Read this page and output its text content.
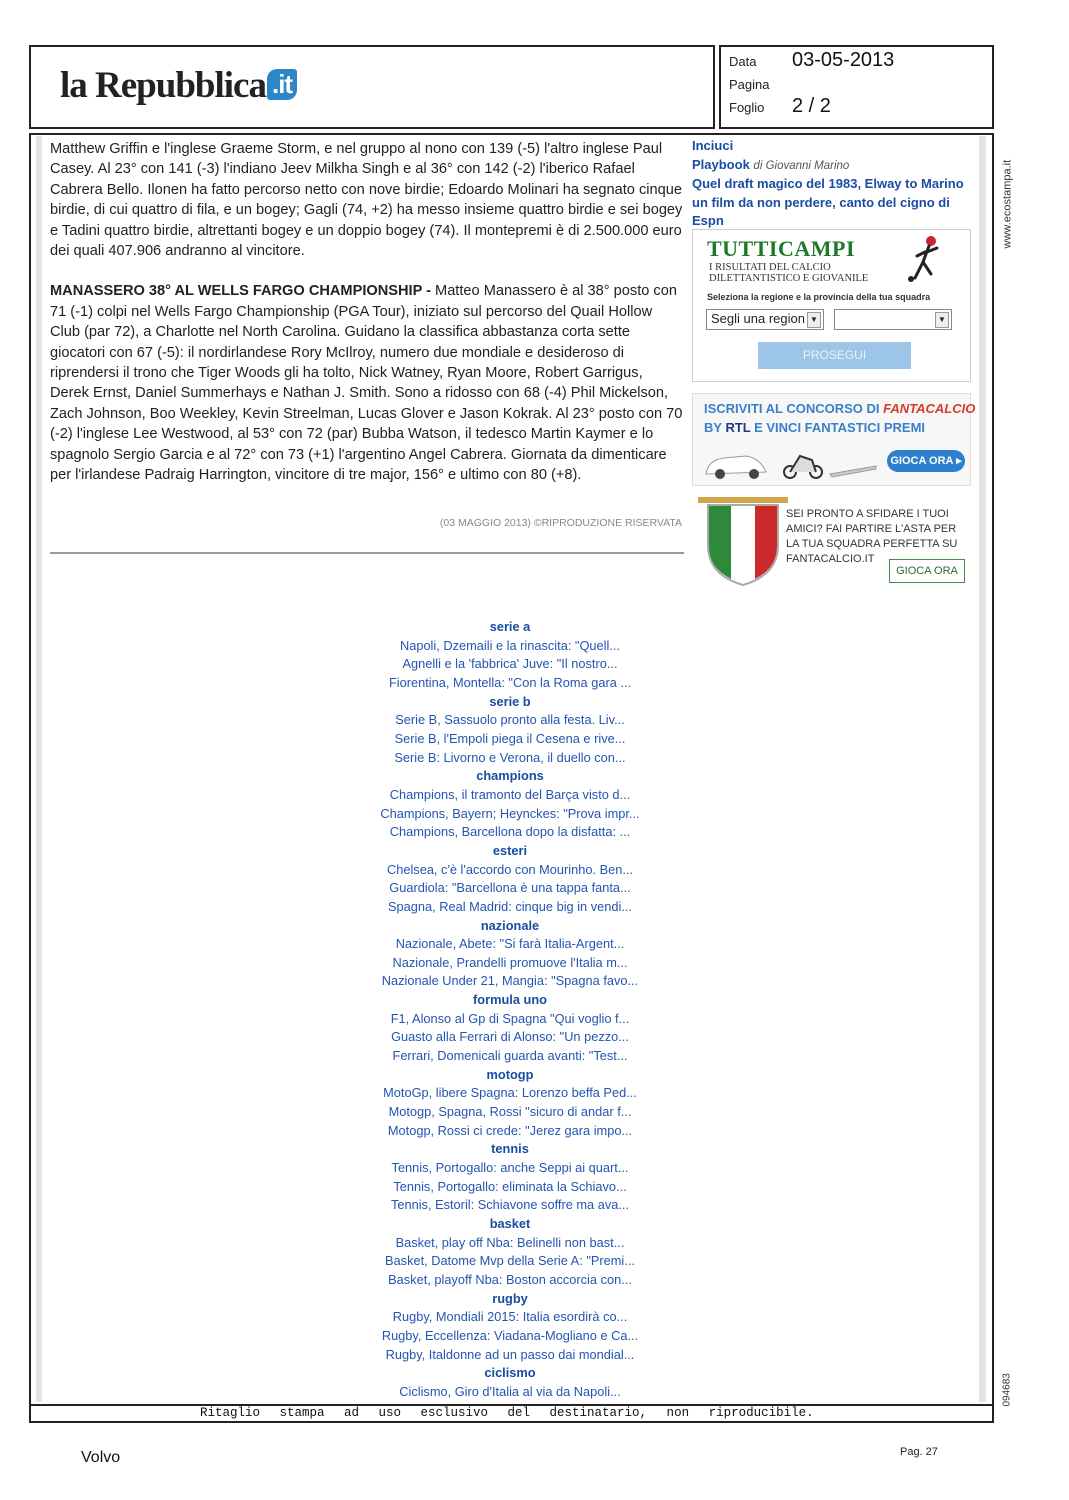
la Repubblica .it
Data 03-05-2013
Pagina
Foglio 2 / 2

Matthew Griffin e l'inglese Graeme Storm, e nel gruppo al nono con 139 (-5) l'altro inglese Paul Casey. Al 23° con 141 (-3) l'indiano Jeev Milkha Singh e al 36° con 142 (-2) l'iberico Rafael Cabrera Bello. Ilonen ha fatto percorso netto con nove birdie; Edoardo Molinari ha segnato cinque birdie, di cui quattro di fila, e un bogey; Gagli (74, +2) ha messo insieme quattro birdie e sei bogey e Tadini quattro birdie, altrettanti bogey e un doppio bogey (74). Il montepremi è di 2.500.000 euro dei quali 407.906 andranno al vincitore.

MANASSERO 38° AL WELLS FARGO CHAMPIONSHIP - Matteo Manassero è al 38° posto con 71 (-1) colpi nel Wells Fargo Championship (PGA Tour), iniziato sul percorso del Quail Hollow Club (par 72), a Charlotte nel North Carolina. Guidano la classifica abbastanza corta sette giocatori con 67 (-5): il nordirlandese Rory McIlroy, numero due mondiale e desideroso di riprendersi il trono che Tiger Woods gli ha tolto, Nick Watney, Ryan Moore, Robert Garrigus, Derek Ernst, Daniel Summerhays e Nathan J. Smith. Sono a ridosso con 68 (-4) Phil Mickelson, Zach Johnson, Boo Weekley, Kevin Streelman, Lucas Glover e Jason Kokrak. Al 23° posto con 70 (-2) l'inglese Lee Westwood, al 53° con 72 (par) Bubba Watson, il tedesco Martin Kaymer e lo spagnolo Sergio Garcia e al 72° con 73 (+1) l'argentino Angel Cabrera. Giornata da dimenticare per l'irlandese Padraig Harrington, vincitore di tre major, 156° e ultimo con 80 (+8).

(03 MAGGIO 2013) ©RIPRODUZIONE RISERVATA
Inciuci
Playbook di Giovanni Marino
Quel draft magico del 1983, Elway to Marino un film da non perdere, canto del cigno di Espn
TUTTICAMPI
I RISULTATI DEL CALCIO
DILETTANTISTICO E GIOVANILE
Seleziona la regione e la provincia della tua squadra
Segli una region ▼	▼
PROSEGUI
ISCRIVITI AL CONCORSO DI FANTACALCIO
BY RTL E VINCI FANTASTICI PREMI
GIOCA ORA ▸
SEI PRONTO A SFIDARE I TUOI AMICI? FAI PARTIRE L'ASTA PER LA TUA SQUADRA PERFETTA SU FANTACALCIO.IT
GIOCA ORA
serie a
Napoli, Dzemaili e la rinascita: "Quell...
Agnelli e la 'fabbrica' Juve: "Il nostro...
Fiorentina, Montella: "Con la Roma gara ...
serie b
Serie B, Sassuolo pronto alla festa. Liv...
Serie B, l'Empoli piega il Cesena e rive...
Serie B: Livorno e Verona, il duello con...
champions
Champions, il tramonto del Barça visto d...
Champions, Bayern; Heynckes: "Prova impr...
Champions, Barcellona dopo la disfatta: ...
esteri
Chelsea, c'è l'accordo con Mourinho. Ben...
Guardiola: "Barcellona è una tappa fanta...
Spagna, Real Madrid: cinque big in vendi...
nazionale
Nazionale, Abete: "Si farà Italia-Argent...
Nazionale, Prandelli promuove l'Italia m...
Nazionale Under 21, Mangia: "Spagna favo...
formula uno
F1, Alonso al Gp di Spagna "Qui voglio f...
Guasto alla Ferrari di Alonso: "Un pezzo...
Ferrari, Domenicali guarda avanti: "Test...
motogp
MotoGp, libere Spagna: Lorenzo beffa Ped...
Motogp, Spagna, Rossi "sicuro di andar f...
Motogp, Rossi ci crede: "Jerez gara impo...
tennis
Tennis, Portogallo: anche Seppi ai quart...
Tennis, Portogallo: eliminata la Schiavo...
Tennis, Estoril: Schiavone soffre ma ava...
basket
Basket, play off Nba: Belinelli non bast...
Basket, Datome Mvp della Serie A: "Premi...
Basket, playoff Nba: Boston accorcia con...
rugby
Rugby, Mondiali 2015: Italia esordirà co...
Rugby, Eccellenza: Viadana-Mogliano e Ca...
Rugby, Italdonne ad un passo dai mondial...
ciclismo
Ciclismo, Giro d'Italia al via da Napoli...
Ritaglio stampa ad uso esclusivo del destinatario, non riproducibile.
www.ecostampa.it
094683
Volvo	Pag. 27
